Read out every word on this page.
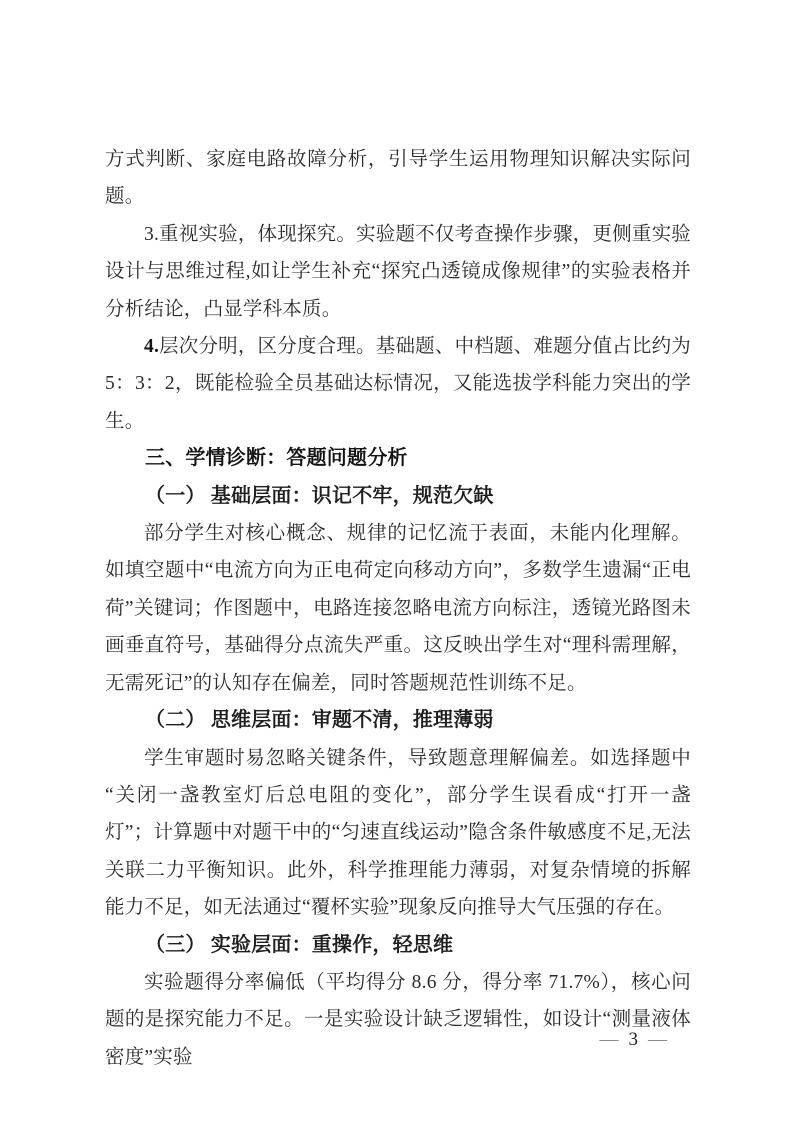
方式判断、家庭电路故障分析，引导学生运用物理知识解决实际问题。

3.重视实验，体现探究。实验题不仅考查操作步骤，更侧重实验设计与思维过程,如让学生补充“探究凸透镜成像规律”的实验表格并分析结论，凸显学科本质。

4.层次分明，区分度合理。基础题、中档题、难题分值占比约为 5：3：2，既能检验全员基础达标情况，又能选拔学科能力突出的学生。

三、学情诊断：答题问题分析

（一） 基础层面：识记不牢，规范欠缺

部分学生对核心概念、规律的记忆流于表面，未能内化理解。如填空题中“电流方向为正电荷定向移动方向”，多数学生遗漏“正电荷”关键词；作图题中，电路连接忽略电流方向标注，透镜光路图未画垂直符号，基础得分点流失严重。这反映出学生对“理科需理解，无需死记”的认知存在偏差，同时答题规范性训练不足。

（二） 思维层面：审题不清，推理薄弱

学生审题时易忽略关键条件，导致题意理解偏差。如选择题中“关闭一盏教室灯后总电阻的变化”，部分学生误看成“打开一盏灯”；计算题中对题干中的“匀速直线运动”隐含条件敏感度不足,无法关联二力平衡知识。此外，科学推理能力薄弱，对复杂情境的拆解能力不足，如无法通过“覆杯实验”现象反向推导大气压强的存在。

（三） 实验层面：重操作，轻思维

实验题得分率偏低（平均得分 8.6 分，得分率 71.7%），核心问题的是探究能力不足。一是实验设计缺乏逻辑性，如设计“测量液体密度”实验

— 3 —
